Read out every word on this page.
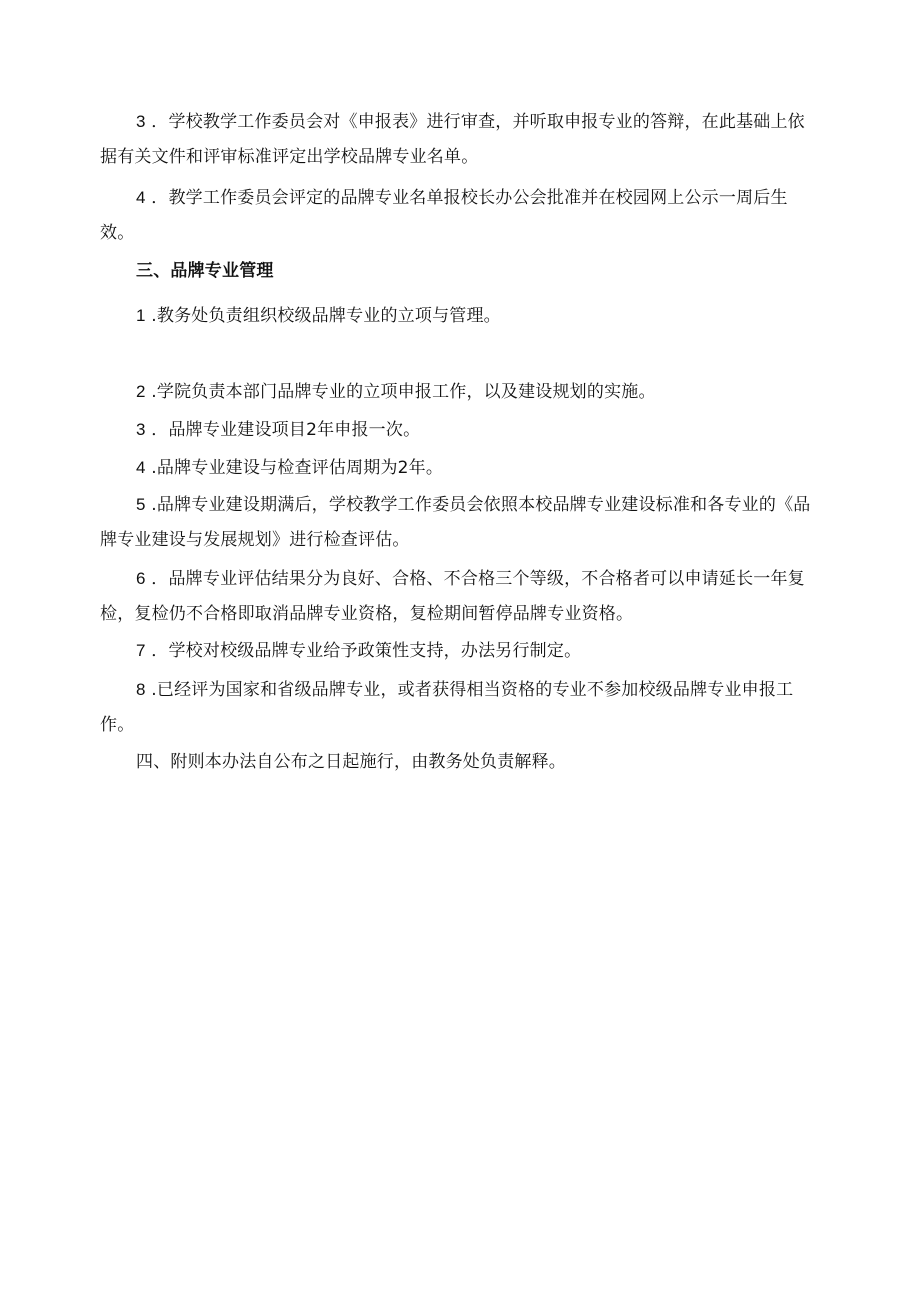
3 ．学校教学工作委员会对《申报表》进行审查，并听取申报专业的答辩，在此基础上依据有关文件和评审标准评定出学校品牌专业名单。

4 ．教学工作委员会评定的品牌专业名单报校长办公会批准并在校园网上公示一周后生效。

三、品牌专业管理

1 .教务处负责组织校级品牌专业的立项与管理。

2 .学院负责本部门品牌专业的立项申报工作，以及建设规划的实施。

3 ．品牌专业建设项目2年申报一次。

4 .品牌专业建设与检查评估周期为2年。

5 .品牌专业建设期满后，学校教学工作委员会依照本校品牌专业建设标准和各专业的《品牌专业建设与发展规划》进行检查评估。

6 ．品牌专业评估结果分为良好、合格、不合格三个等级，不合格者可以申请延长一年复检，复检仍不合格即取消品牌专业资格，复检期间暂停品牌专业资格。

7 ．学校对校级品牌专业给予政策性支持，办法另行制定。

8 .已经评为国家和省级品牌专业，或者获得相当资格的专业不参加校级品牌专业申报工作。

四、附则本办法自公布之日起施行，由教务处负责解释。
